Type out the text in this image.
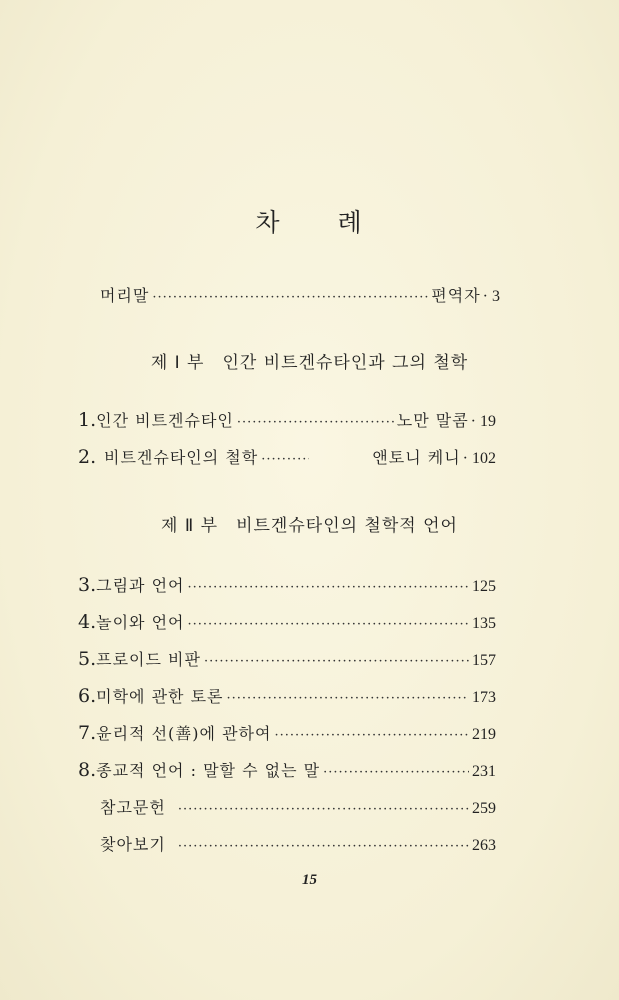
차 례
머리말 ·····	편역자 · 3
제 Ⅰ 부 인간 비트겐슈타인과 그의 철학
1. 인간 비트겐슈타인 ·····	노만 말콤 · 19
2. 비트겐슈타인의 철학 ·····	앤토니 케니 · 102
제 Ⅱ 부 비트겐슈타인의 철학적 언어
3. 그림과 언어 ·····	125
4. 놀이와 언어 ·····	135
5. 프로이드 비판 ·····	157
6. 미학에 관한 토론 ·····	173
7. 윤리적 선(善)에 관하여 ·····	219
8. 종교적 언어 : 말할 수 없는 말 ·····	231
참고문헌 ·····	259
찾아보기 ·····	263
15
